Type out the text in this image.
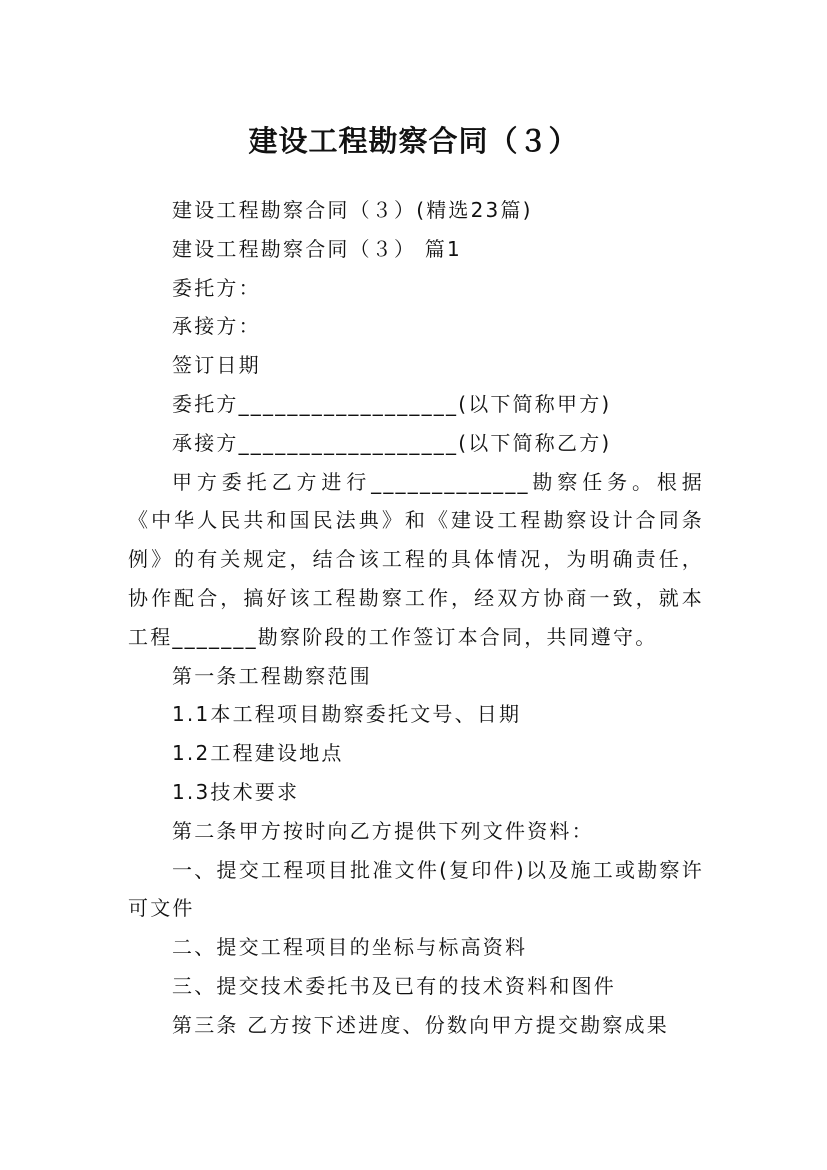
建设工程勘察合同（３）

建设工程勘察合同（３）(精选23篇)

建设工程勘察合同（３） 篇1

委托方：

承接方：

签订日期

委托方__________________(以下简称甲方)

承接方__________________(以下简称乙方)

甲方委托乙方进行_____________勘察任务。根据《中华人民共和国民法典》和《建设工程勘察设计合同条例》的有关规定，结合该工程的具体情况，为明确责任，协作配合，搞好该工程勘察工作，经双方协商一致，就本工程_______勘察阶段的工作签订本合同，共同遵守。

第一条工程勘察范围

1.1本工程项目勘察委托文号、日期

1.2工程建设地点

1.3技术要求

第二条甲方按时向乙方提供下列文件资料：

一、提交工程项目批准文件(复印件)以及施工或勘察许可文件

二、提交工程项目的坐标与标高资料

三、提交技术委托书及已有的技术资料和图件

第三条 乙方按下述进度、份数向甲方提交勘察成果
